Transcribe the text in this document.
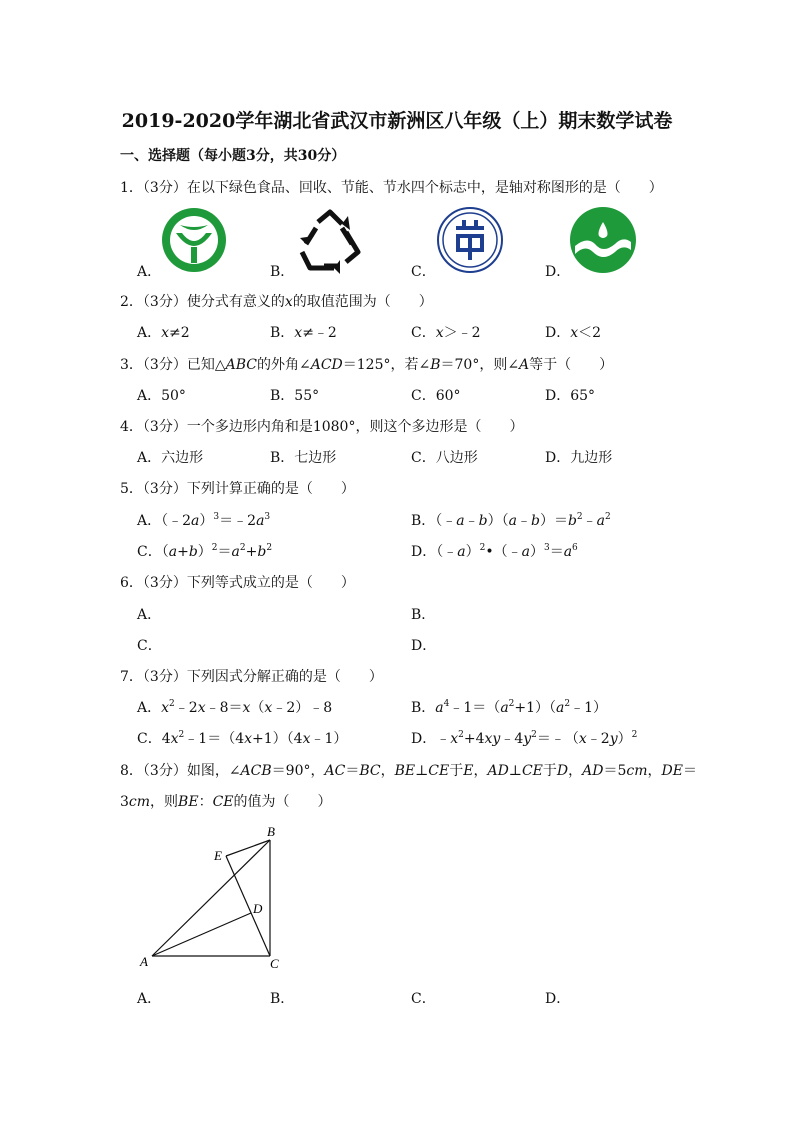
2019-2020学年湖北省武汉市新洲区八年级（上）期末数学试卷
一、选择题（每小题3分，共30分）
1．（3分）在以下绿色食品、回收、节能、节水四个标志中，是轴对称图形的是（　　）
A．	B．	C．	D．
2．（3分）使分式有意义的x的取值范围为（　　）
A．x≠2	B．x≠﹣2	C．x＞﹣2	D．x＜2
3．（3分）已知△ABC的外角∠ACD＝125°，若∠B＝70°，则∠A等于（　　）
A．50°	B．55°	C．60°	D．65°
4．（3分）一个多边形内角和是1080°，则这个多边形是（　　）
A．六边形	B．七边形	C．八边形	D．九边形
5．（3分）下列计算正确的是（　　）
A．$(﹣2a)^3=﹣2a^3$	B．$(﹣a﹣b)(a﹣b)=b^2﹣a^2$
C．$(a+b)^2=a^2+b^2$	D．$(﹣a)^2•(﹣a)^3=a^6$
6．（3分）下列等式成立的是（　　）
A．	B．
C．	D．
7．（3分）下列因式分解正确的是（　　）
A．$x^2﹣2x﹣8=x(x﹣2)﹣8$	B．$a^4﹣1=(a^2+1)(a^2﹣1)$
C．$4x^2﹣1=(4x+1)(4x﹣1)$	D．$﹣x^2+4xy﹣4y^2=﹣(x﹣2y)^2$
8．（3分）如图，∠ACB＝90°，AC＝BC，BE⊥CE于E，AD⊥CE于D，AD＝5cm，DE＝
3cm，则BE：CE的值为（　　）
A
B
C
D
E
A．	B．	C．	D．
